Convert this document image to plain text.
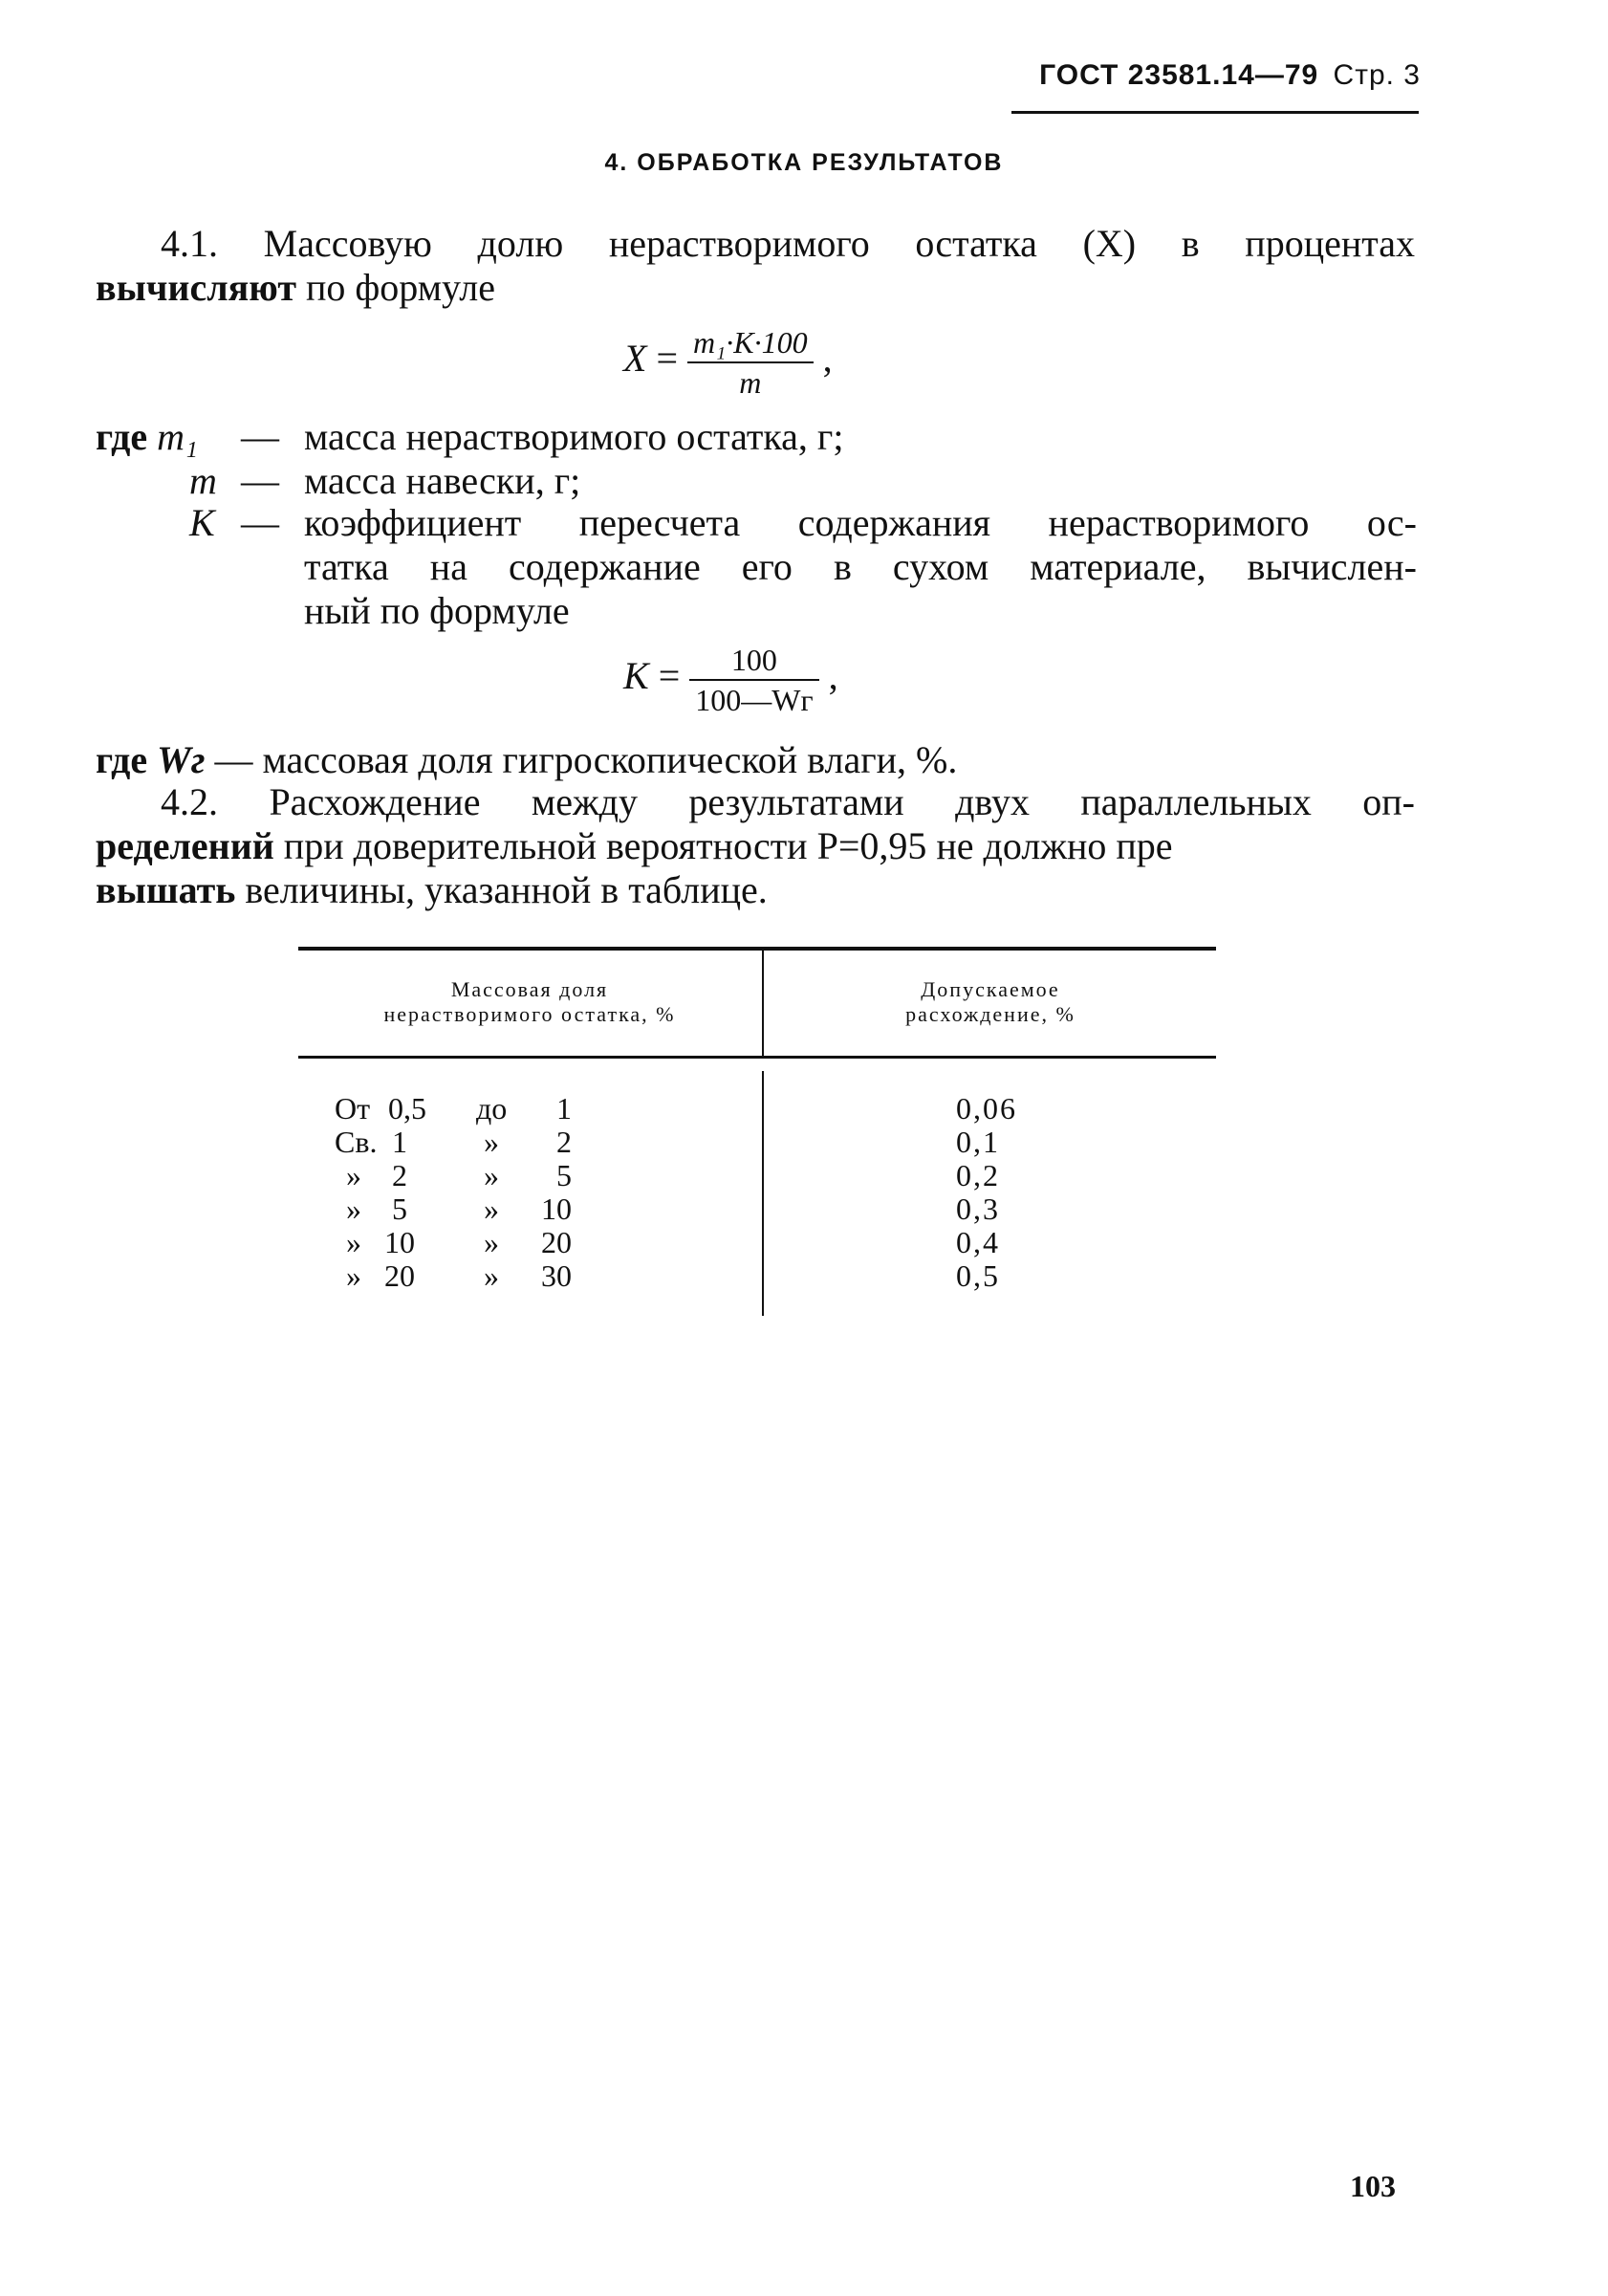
ГОСТ 23581.14—79 Стр. 3
4. ОБРАБОТКА РЕЗУЛЬТАТОВ
4.1. Массовую долю нерастворимого остатка (X) в процентах
вычисляют по формуле
$X = \frac{\text{m₁·K·100}}{m}$ ,
где m₁ — масса нерастворимого остатка, г;
m — масса навески, г;
K — коэффициент пересчета содержания нерастворимого ос-
татка на содержание его в сухом материале, вычислен-
ный по формуле
$K = \frac{100}{100—Wг}$ ,
где Wг — массовая доля гигроскопической влаги, %.
4.2. Расхождение между результатами двух параллельных оп-
ределений при доверительной вероятности P=0,95 не должно пре
вышать величины, указанной в таблице.
Массовая доля
нерастворимого остатка, %
Допускаемое
расхождение, %
От 0,5 до	1	0,06
Св. 1	»	2	0,1
»	2	»	5	0,2
»	5	»	10	0,3
» 10	»	20	0,4
» 20	»	30	0,5
103
